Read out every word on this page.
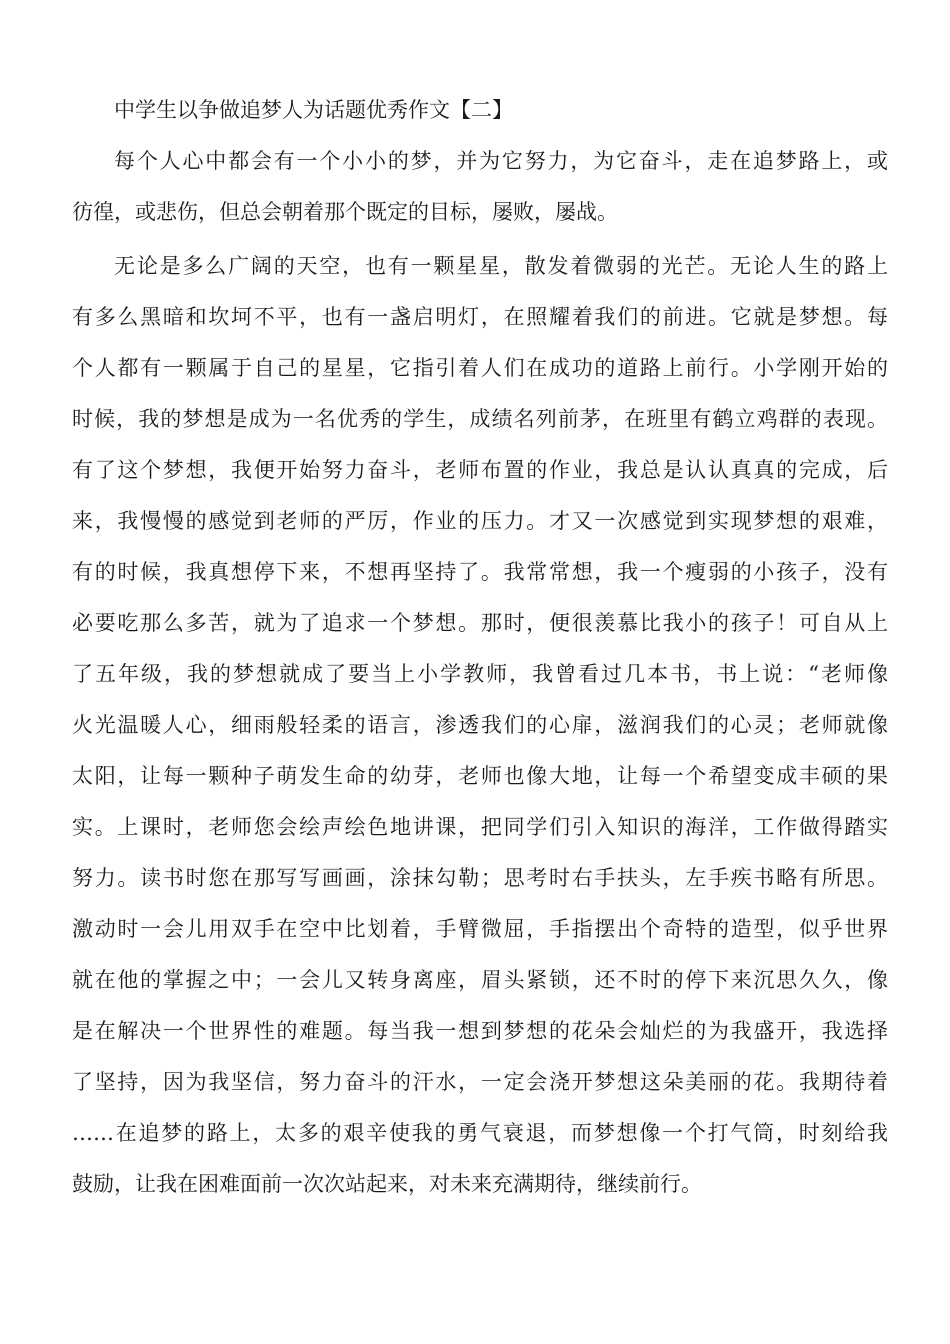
中学生以争做追梦人为话题优秀作文【二】
每个人心中都会有一个小小的梦，并为它努力，为它奋斗，走在追梦路上，或
彷徨，或悲伤，但总会朝着那个既定的目标，屡败，屡战。
无论是多么广阔的天空，也有一颗星星，散发着微弱的光芒。无论人生的路上
有多么黑暗和坎坷不平，也有一盏启明灯，在照耀着我们的前进。它就是梦想。每
个人都有一颗属于自己的星星，它指引着人们在成功的道路上前行。小学刚开始的
时候，我的梦想是成为一名优秀的学生，成绩名列前茅，在班里有鹤立鸡群的表现。
有了这个梦想，我便开始努力奋斗，老师布置的作业，我总是认认真真的完成，后
来，我慢慢的感觉到老师的严厉，作业的压力。才又一次感觉到实现梦想的艰难，
有的时候，我真想停下来，不想再坚持了。我常常想，我一个瘦弱的小孩子，没有
必要吃那么多苦，就为了追求一个梦想。那时，便很羡慕比我小的孩子！可自从上
了五年级，我的梦想就成了要当上小学教师，我曾看过几本书，书上说：“老师像
火光温暖人心，细雨般轻柔的语言，渗透我们的心扉，滋润我们的心灵；老师就像
太阳，让每一颗种子萌发生命的幼芽，老师也像大地，让每一个希望变成丰硕的果
实。上课时，老师您会绘声绘色地讲课，把同学们引入知识的海洋，工作做得踏实
努力。读书时您在那写写画画，涂抹勾勒；思考时右手扶头，左手疾书略有所思。
激动时一会儿用双手在空中比划着，手臂微屈，手指摆出个奇特的造型，似乎世界
就在他的掌握之中；一会儿又转身离座，眉头紧锁，还不时的停下来沉思久久，像
是在解决一个世界性的难题。每当我一想到梦想的花朵会灿烂的为我盛开，我选择
了坚持，因为我坚信，努力奋斗的汗水，一定会浇开梦想这朵美丽的花。我期待着
……在追梦的路上，太多的艰辛使我的勇气衰退，而梦想像一个打气筒，时刻给我
鼓励，让我在困难面前一次次站起来，对未来充满期待，继续前行。
